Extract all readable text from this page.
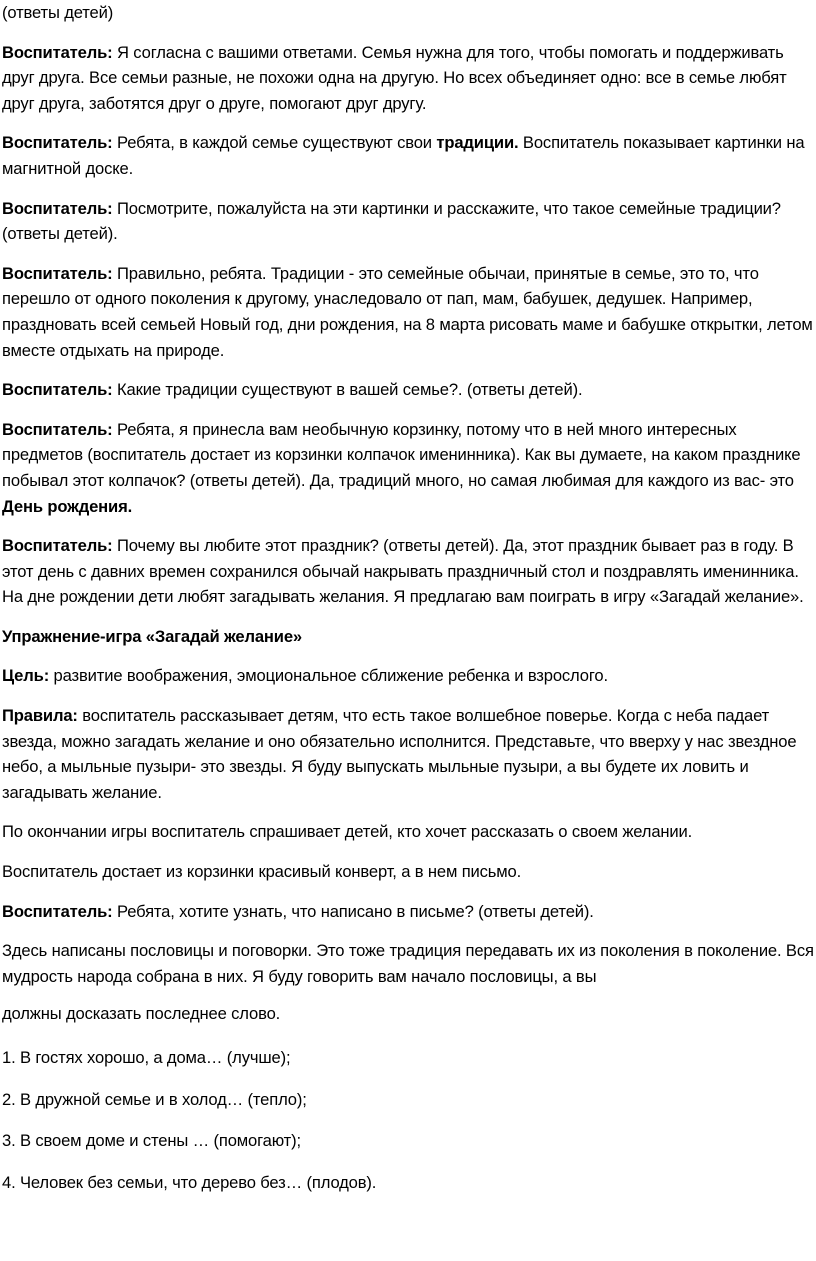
(ответы детей)
Воспитатель: Я согласна с вашими ответами. Семья нужна для того, чтобы помогать и поддерживать друг друга. Все семьи разные, не похожи одна на другую. Но всех объединяет одно: все в семье любят друг друга, заботятся друг о друге, помогают друг другу.
Воспитатель: Ребята, в каждой семье существуют свои традиции. Воспитатель показывает картинки на магнитной доске.
Воспитатель: Посмотрите, пожалуйста на эти картинки и расскажите, что такое семейные традиции?(ответы детей).
Воспитатель: Правильно, ребята. Традиции - это семейные обычаи, принятые в семье, это то, что перешло от одного поколения к другому, унаследовало от пап, мам, бабушек, дедушек. Например, праздновать всей семьей Новый год, дни рождения, на 8 марта рисовать маме и бабушке открытки, летом вместе отдыхать на природе.
Воспитатель: Какие традиции существуют в вашей семье?. (ответы детей).
Воспитатель: Ребята, я принесла вам необычную корзинку, потому что в ней много интересных предметов (воспитатель достает из корзинки колпачок именинника). Как вы думаете, на каком празднике побывал этот колпачок? (ответы детей). Да, традиций много, но самая любимая для каждого из вас- это День рождения.
Воспитатель: Почему вы любите этот праздник? (ответы детей). Да, этот праздник бывает раз в году. В этот день с давних времен сохранился обычай накрывать праздничный стол и поздравлять именинника. На дне рождении дети любят загадывать желания. Я предлагаю вам поиграть в игру «Загадай желание».
Упражнение-игра «Загадай желание»
Цель: развитие воображения, эмоциональное сближение ребенка и взрослого.
Правила: воспитатель рассказывает детям, что есть такое волшебное поверье. Когда с неба падает звезда, можно загадать желание и оно обязательно исполнится. Представьте, что вверху у нас звездное небо, а мыльные пузыри- это звезды. Я буду выпускать мыльные пузыри, а вы будете их ловить и загадывать желание.
По окончании игры воспитатель спрашивает детей, кто хочет рассказать о своем желании.
Воспитатель достает из корзинки красивый конверт, а в нем письмо.
Воспитатель: Ребята, хотите узнать, что написано в письме? (ответы детей).
Здесь написаны пословицы и поговорки. Это тоже традиция передавать их из поколения в поколение. Вся мудрость народа собрана в них. Я буду говорить вам начало пословицы, а вы
должны досказать последнее слово.
1. В гостях хорошо, а дома… (лучше);
2. В дружной семье и в холод… (тепло);
3. В своем доме и стены … (помогают);
4. Человек без семьи, что дерево без… (плодов).
